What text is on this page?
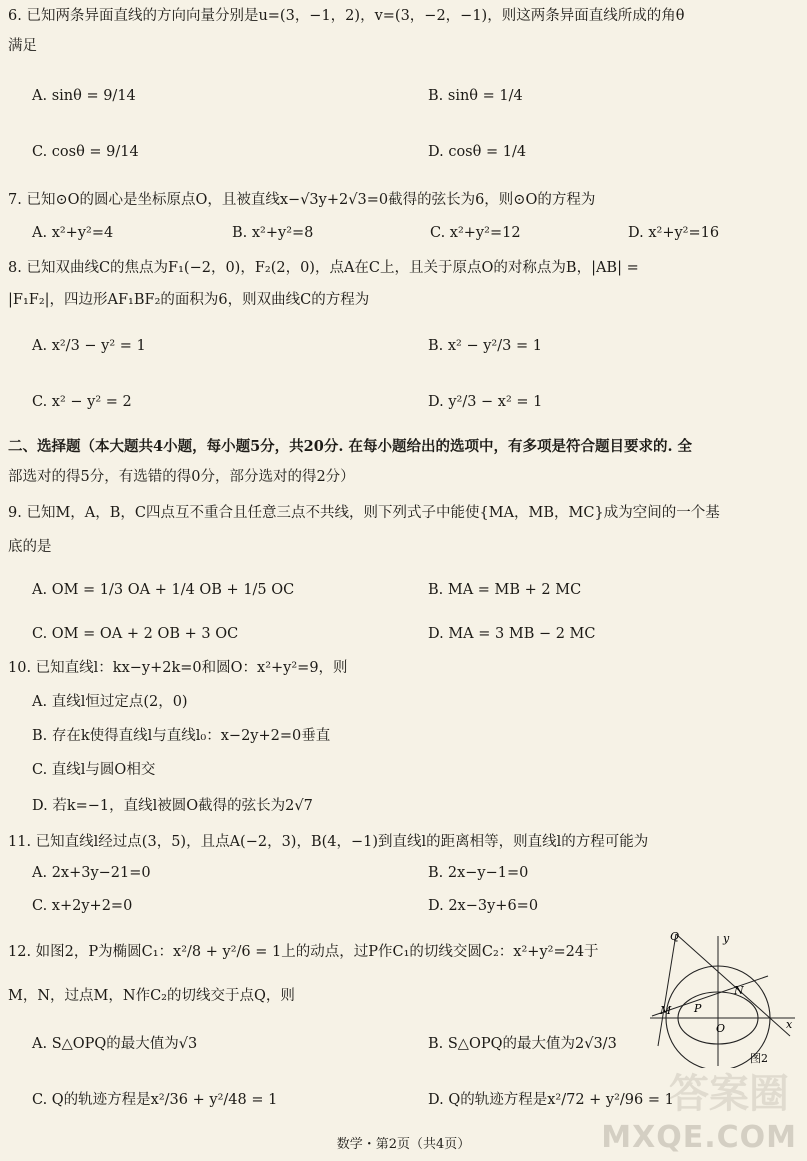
6. 已知两条异面直线的方向向量分别是u=(3，−1，2)，v=(3，−2，−1)，则这两条异面直线所成的角θ
满足
A. sinθ = 9/14	B. sinθ = 1/4
C. cosθ = 9/14	D. cosθ = 1/4
7. 已知⊙O的圆心是坐标原点O，且被直线x−√3y+2√3=0截得的弦长为6，则⊙O的方程为
A. x²+y²=4	B. x²+y²=8	C. x²+y²=12	D. x²+y²=16
8. 已知双曲线C的焦点为F₁(−2，0)，F₂(2，0)，点A在C上，且关于原点O的对称点为B，|AB| =
|F₁F₂|，四边形AF₁BF₂的面积为6，则双曲线C的方程为
A. x²/3 − y² = 1	B. x² − y²/3 = 1
C. x² − y² = 2	D. y²/3 − x² = 1
二、选择题（本大题共4小题，每小题5分，共20分. 在每小题给出的选项中，有多项是符合题目要求的. 全
部选对的得5分，有选错的得0分，部分选对的得2分）
9. 已知M，A，B，C四点互不重合且任意三点不共线，则下列式子中能使{MA，MB，MC}成为空间的一个基
底的是
A. OM = 1/3 OA + 1/4 OB + 1/5 OC	B. MA = MB + 2 MC
C. OM = OA + 2 OB + 3 OC	D. MA = 3 MB − 2 MC
10. 已知直线l：kx−y+2k=0和圆O：x²+y²=9，则
A. 直线l恒过定点(2，0)
B. 存在k使得直线l与直线l₀：x−2y+2=0垂直
C. 直线l与圆O相交
D. 若k=−1，直线l被圆O截得的弦长为2√7
11. 已知直线l经过点(3，5)，且点A(−2，3)，B(4，−1)到直线l的距离相等，则直线l的方程可能为
A. 2x+3y−21=0	B. 2x−y−1=0
C. x+2y+2=0	D. 2x−3y+6=0
12. 如图2，P为椭圆C₁：x²/8 + y²/6 = 1上的动点，过P作C₁的切线交圆C₂：x²+y²=24于
M，N，过点M，N作C₂的切线交于点Q，则
A. S△OPQ的最大值为√3	B. S△OPQ的最大值为2√3/3
C. Q的轨迹方程是x²/36 + y²/48 = 1	D. Q的轨迹方程是x²/72 + y²/96 = 1
Q	y
N
M P
O	x
图2
答案圈
MXQE.COM
数学・第2页（共4页）
